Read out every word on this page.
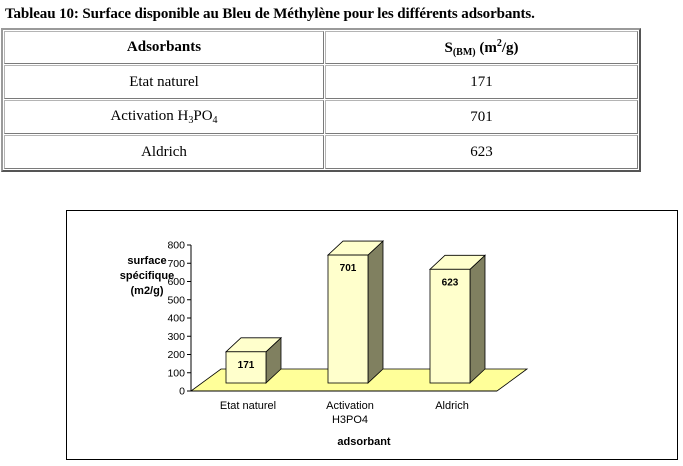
Tableau 10: Surface disponible au Bleu de Méthylène pour les différents adsorbants.
Adsorbants	$S_{(BM)}$ $(m^2/g)$
Etat naturel	171
Activation $H_3PO_4$	701
Aldrich	623
0
100
200
300
400
500
600
700
800
171
Etat naturel
701
Activation
H3PO4
623
Aldrich
adsorbant
surface
spécifique
(m2/g)
